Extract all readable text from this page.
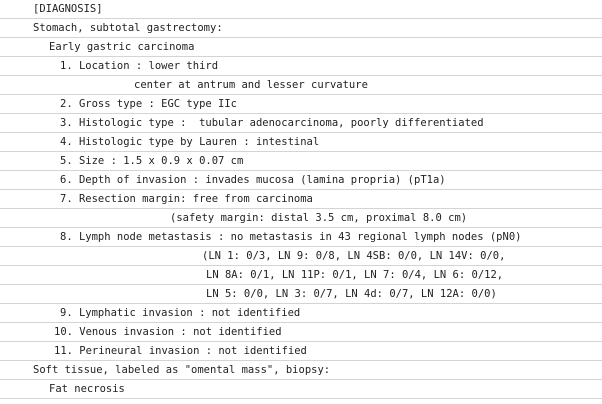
[DIAGNOSIS]
Stomach, subtotal gastrectomy:
Early gastric carcinoma
1. Location : lower third
center at antrum and lesser curvature
2. Gross type : EGC type IIc
3. Histologic type :  tubular adenocarcinoma, poorly differentiated
4. Histologic type by Lauren : intestinal
5. Size : 1.5 x 0.9 x 0.07 cm
6. Depth of invasion : invades mucosa (lamina propria) (pT1a)
7. Resection margin: free from carcinoma
(safety margin: distal 3.5 cm, proximal 8.0 cm)
8. Lymph node metastasis : no metastasis in 43 regional lymph nodes (pN0)
(LN 1: 0/3, LN 9: 0/8, LN 4SB: 0/0, LN 14V: 0/0,
LN 8A: 0/1, LN 11P: 0/1, LN 7: 0/4, LN 6: 0/12,
LN 5: 0/0, LN 3: 0/7, LN 4d: 0/7, LN 12A: 0/0)
9. Lymphatic invasion : not identified
10. Venous invasion : not identified
11. Perineural invasion : not identified
Soft tissue, labeled as "omental mass", biopsy:
Fat necrosis
